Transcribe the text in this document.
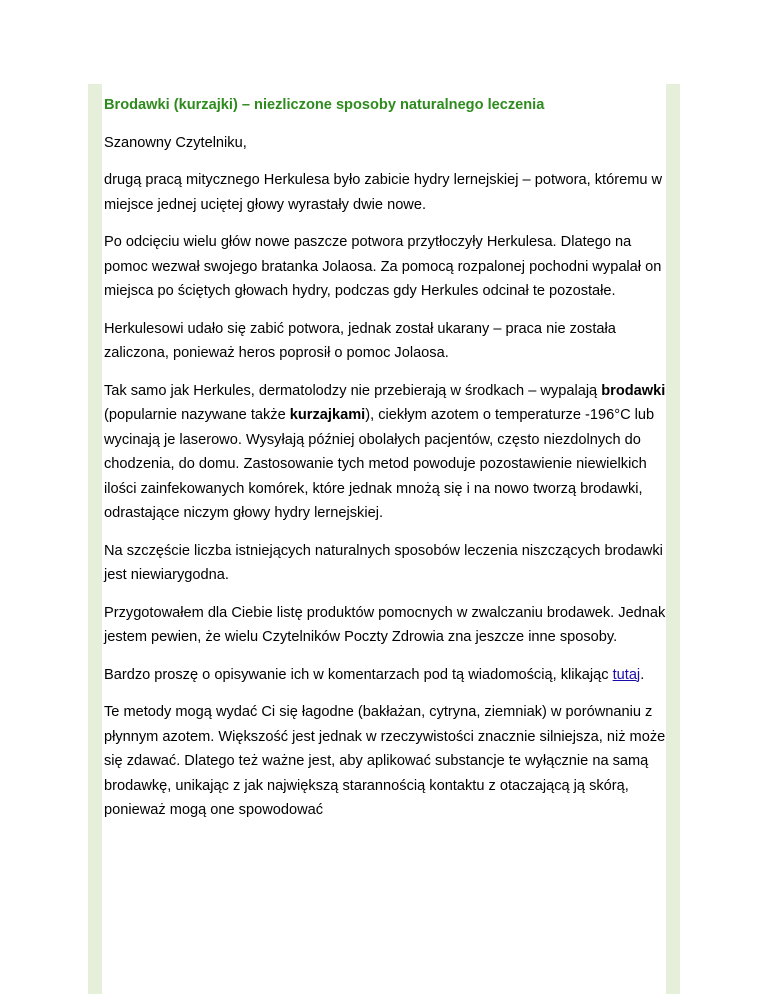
Brodawki (kurzajki) – niezliczone sposoby naturalnego leczenia

Szanowny Czytelniku,

drugą pracą mitycznego Herkulesa było zabicie hydry lernejskiej – potwora, któremu w miejsce jednej uciętej głowy wyrastały dwie nowe.

Po odcięciu wielu głów nowe paszcze potwora przytłoczyły Herkulesa. Dlatego na pomoc wezwał swojego bratanka Jolaosa. Za pomocą rozpalonej pochodni wypalał on miejsca po ściętych głowach hydry, podczas gdy Herkules odcinał te pozostałe.

Herkulesowi udało się zabić potwora, jednak został ukarany – praca nie została zaliczona, ponieważ heros poprosił o pomoc Jolaosa.

Tak samo jak Herkules, dermatolodzy nie przebierają w środkach – wypalają brodawki (popularnie nazywane także kurzajkami), ciekłym azotem o temperaturze -196°C lub wycinają je laserowo. Wysyłają później obolałych pacjentów, często niezdolnych do chodzenia, do domu. Zastosowanie tych metod powoduje pozostawienie niewielkich ilości zainfekowanych komórek, które jednak mnożą się i na nowo tworzą brodawki, odrastające niczym głowy hydry lernejskiej.

Na szczęście liczba istniejących naturalnych sposobów leczenia niszczących brodawki jest niewiarygodna.

Przygotowałem dla Ciebie listę produktów pomocnych w zwalczaniu brodawek. Jednak jestem pewien, że wielu Czytelników Poczty Zdrowia zna jeszcze inne sposoby.

Bardzo proszę o opisywanie ich w komentarzach pod tą wiadomością, klikając tutaj.

Te metody mogą wydać Ci się łagodne (bakłażan, cytryna, ziemniak) w porównaniu z płynnym azotem. Większość jest jednak w rzeczywistości znacznie silniejsza, niż może się zdawać. Dlatego też ważne jest, aby aplikować substancje te wyłącznie na samą brodawkę, unikając z jak największą starannością kontaktu z otaczającą ją skórą, ponieważ mogą one spowodować
